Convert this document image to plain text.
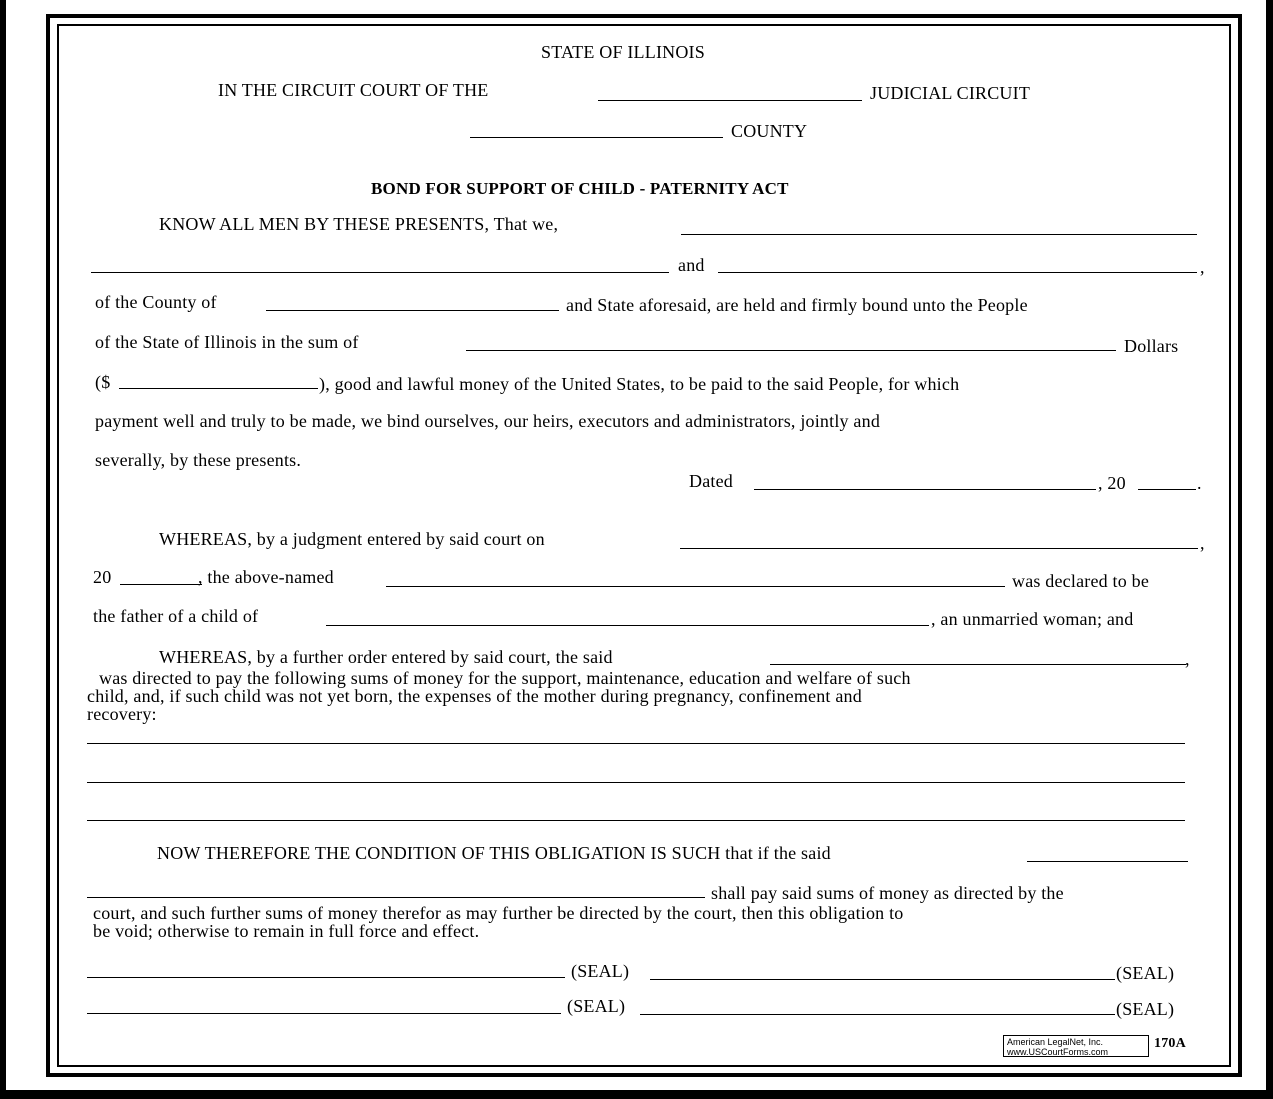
STATE OF ILLINOIS
IN THE CIRCUIT COURT OF THE	JUDICIAL CIRCUIT
COUNTY
BOND FOR SUPPORT OF CHILD - PATERNITY ACT
KNOW ALL MEN BY THESE PRESENTS, That we,
and	,
of the County of	and State aforesaid, are held and firmly bound unto the People
of the State of Illinois in the sum of	Dollars
($	), good and lawful money of the United States, to be paid to the said People, for which
payment well and truly to be made, we bind ourselves, our heirs, executors and administrators, jointly and
severally, by these presents.
Dated	, 20	.
WHEREAS, by a judgment entered by said court on	,
20	, the above-named	was declared to be
the father of a child of	, an unmarried woman; and
WHEREAS, by a further order entered by said court, the said	,
was directed to pay the following sums of money for the support, maintenance, education and welfare of such
child, and, if such child was not yet born, the expenses of the mother during pregnancy, confinement and
recovery:
NOW THEREFORE THE CONDITION OF THIS OBLIGATION IS SUCH that if the said
shall pay said sums of money as directed by the
court, and such further sums of money therefor as may further be directed by the court, then this obligation to
be void; otherwise to remain in full force and effect.
(SEAL)	(SEAL)
(SEAL)	(SEAL)
American LegalNet, Inc.
www.USCourtForms.com
170A
